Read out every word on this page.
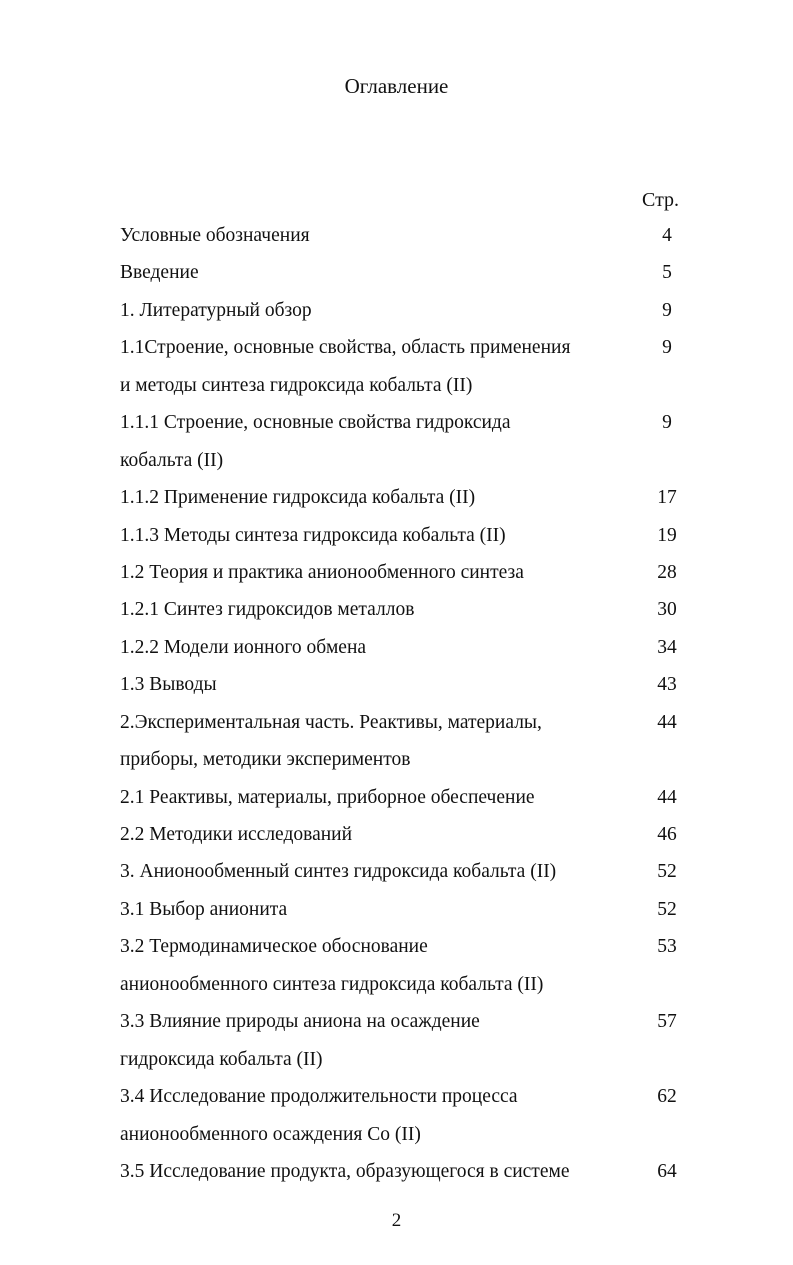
Оглавление
Стр.
Условные обозначения	4
Введение	5
1. Литературный обзор	9
1.1Строение, основные свойства, область применения	9
и методы синтеза гидроксида кобальта (II)
1.1.1 Строение, основные свойства гидроксида	9
кобальта (II)
1.1.2 Применение гидроксида кобальта (II)	17
1.1.3 Методы синтеза гидроксида кобальта (II)	19
1.2 Теория и практика анионообменного синтеза	28
1.2.1 Синтез гидроксидов металлов	30
1.2.2 Модели ионного обмена	34
1.3 Выводы	43
2.Экспериментальная часть. Реактивы, материалы,	44
приборы, методики экспериментов
2.1 Реактивы, материалы, приборное обеспечение	44
2.2 Методики исследований	46
3. Анионообменный синтез гидроксида кобальта (II)	52
3.1 Выбор анионита	52
3.2 Термодинамическое обоснование	53
анионообменного синтеза гидроксида кобальта (II)
3.3 Влияние природы аниона на осаждение	57
гидроксида кобальта (II)
3.4 Исследование продолжительности процесса	62
анионообменного осаждения Co (II)
3.5 Исследование продукта, образующегося в системе	64
2
